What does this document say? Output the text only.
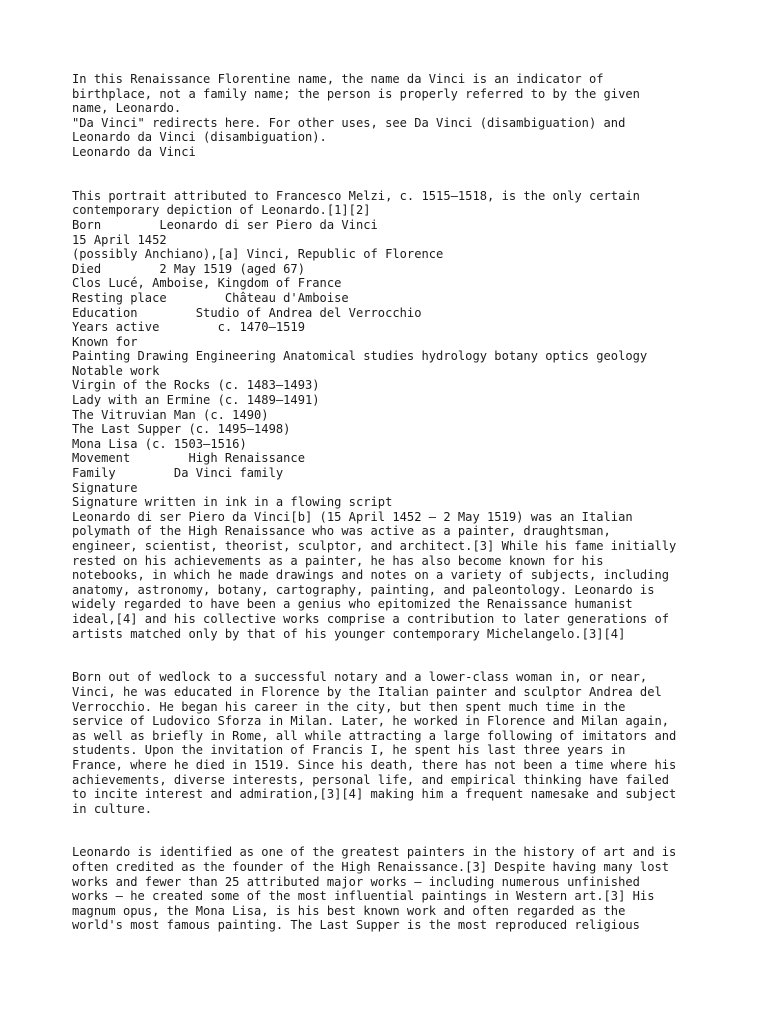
In this Renaissance Florentine name, the name da Vinci is an indicator of
birthplace, not a family name; the person is properly referred to by the given
name, Leonardo.
"Da Vinci" redirects here. For other uses, see Da Vinci (disambiguation) and
Leonardo da Vinci (disambiguation).
Leonardo da Vinci
This portrait attributed to Francesco Melzi, c. 1515–1518, is the only certain
contemporary depiction of Leonardo.[1][2]
Born        Leonardo di ser Piero da Vinci
15 April 1452
(possibly Anchiano),[a] Vinci, Republic of Florence
Died        2 May 1519 (aged 67)
Clos Lucé, Amboise, Kingdom of France
Resting place        Château d'Amboise
Education        Studio of Andrea del Verrocchio
Years active        c. 1470–1519
Known for
Painting Drawing Engineering Anatomical studies hydrology botany optics geology
Notable work
Virgin of the Rocks (c. 1483–1493)
Lady with an Ermine (c. 1489–1491)
The Vitruvian Man (c. 1490)
The Last Supper (c. 1495–1498)
Mona Lisa (c. 1503–1516)
Movement        High Renaissance
Family        Da Vinci family
Signature
Signature written in ink in a flowing script
Leonardo di ser Piero da Vinci[b] (15 April 1452 – 2 May 1519) was an Italian
polymath of the High Renaissance who was active as a painter, draughtsman,
engineer, scientist, theorist, sculptor, and architect.[3] While his fame initially
rested on his achievements as a painter, he has also become known for his
notebooks, in which he made drawings and notes on a variety of subjects, including
anatomy, astronomy, botany, cartography, painting, and paleontology. Leonardo is
widely regarded to have been a genius who epitomized the Renaissance humanist
ideal,[4] and his collective works comprise a contribution to later generations of
artists matched only by that of his younger contemporary Michelangelo.[3][4]
Born out of wedlock to a successful notary and a lower-class woman in, or near,
Vinci, he was educated in Florence by the Italian painter and sculptor Andrea del
Verrocchio. He began his career in the city, but then spent much time in the
service of Ludovico Sforza in Milan. Later, he worked in Florence and Milan again,
as well as briefly in Rome, all while attracting a large following of imitators and
students. Upon the invitation of Francis I, he spent his last three years in
France, where he died in 1519. Since his death, there has not been a time where his
achievements, diverse interests, personal life, and empirical thinking have failed
to incite interest and admiration,[3][4] making him a frequent namesake and subject
in culture.
Leonardo is identified as one of the greatest painters in the history of art and is
often credited as the founder of the High Renaissance.[3] Despite having many lost
works and fewer than 25 attributed major works – including numerous unfinished
works – he created some of the most influential paintings in Western art.[3] His
magnum opus, the Mona Lisa, is his best known work and often regarded as the
world's most famous painting. The Last Supper is the most reproduced religious
